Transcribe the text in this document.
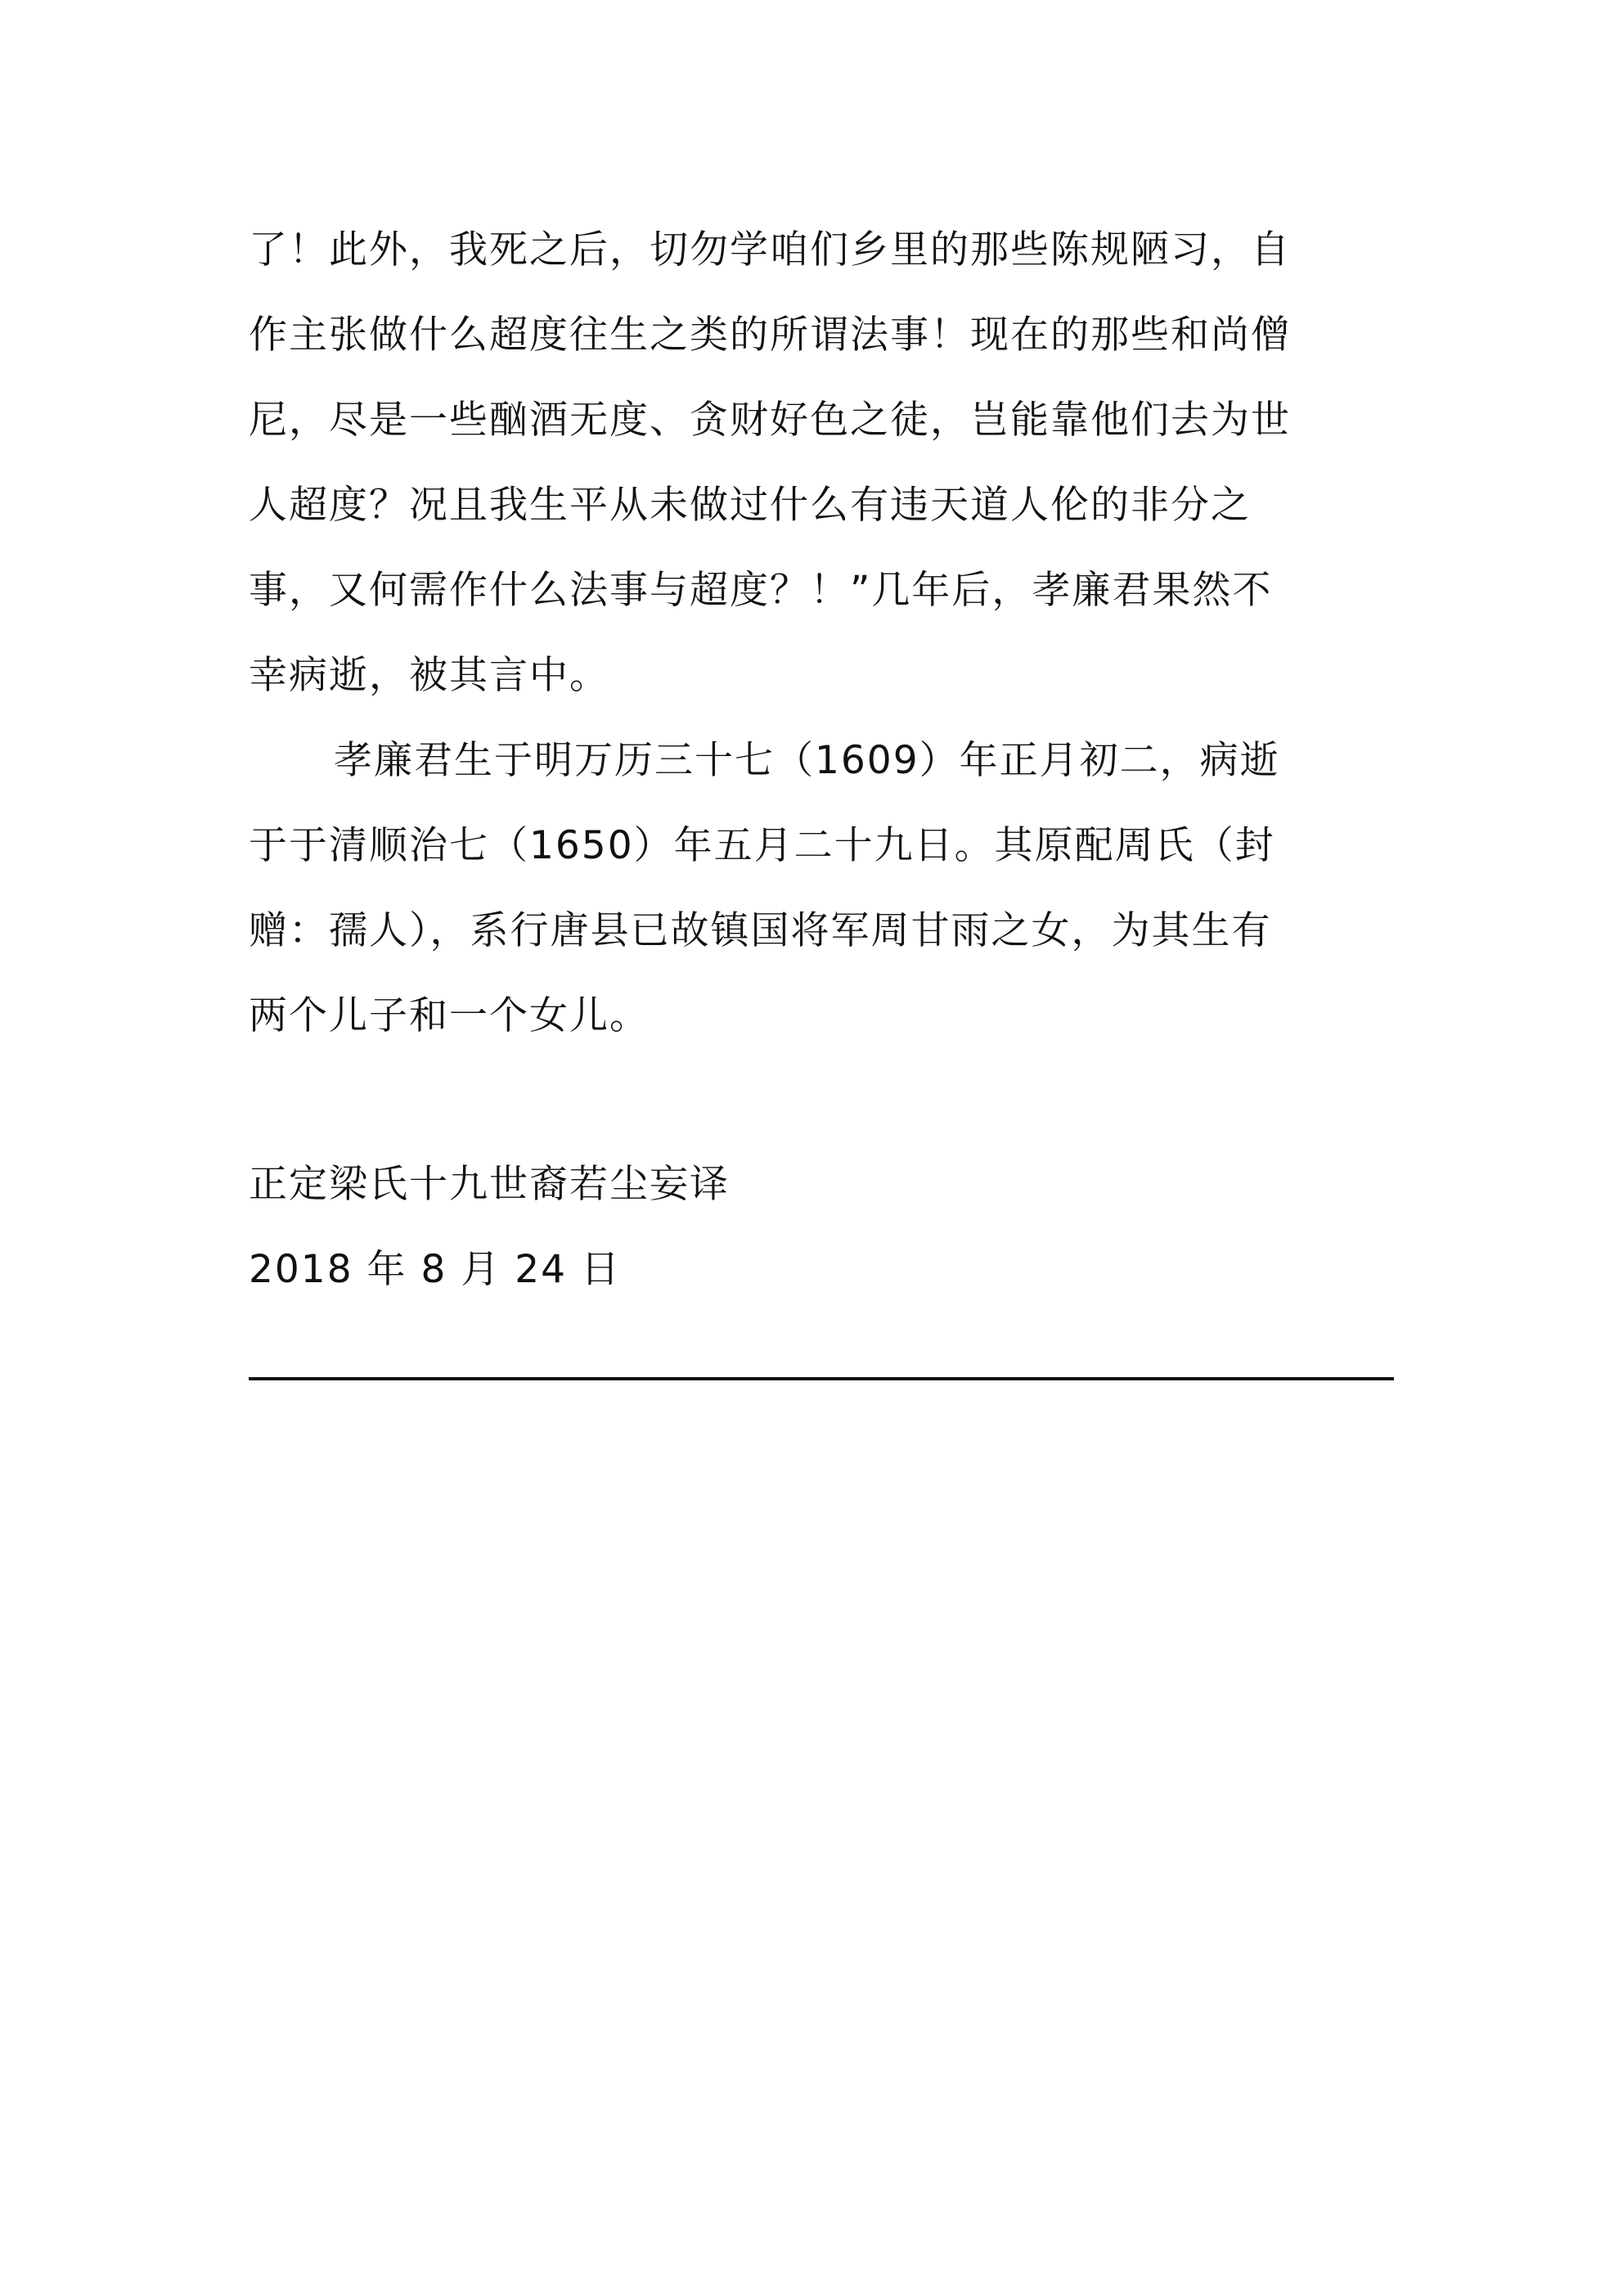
了！此外，我死之后，切勿学咱们乡里的那些陈规陋习，自
作主张做什么超度往生之类的所谓法事！现在的那些和尚僧
尼，尽是一些酗酒无度、贪财好色之徒，岂能靠他们去为世
人超度？况且我生平从未做过什么有违天道人伦的非分之
事，又何需作什么法事与超度？！”几年后，孝廉君果然不
幸病逝，被其言中。
孝廉君生于明万历三十七（1609）年正月初二，病逝
于于清顺治七（1650）年五月二十九日。其原配周氏（封
赠：孺人），系行唐县已故镇国将军周甘雨之女，为其生有
两个儿子和一个女儿。
正定梁氏十九世裔若尘妄译
2018 年 8 月 24 日
